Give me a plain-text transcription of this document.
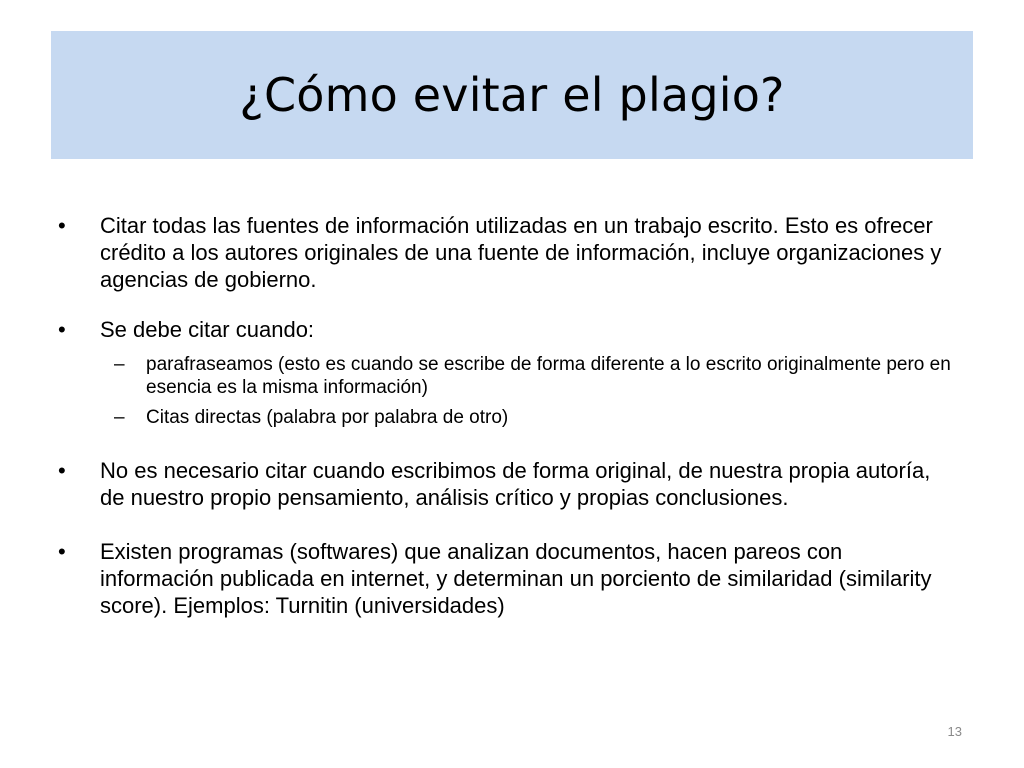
¿Cómo evitar el plagio?

•	Citar todas las fuentes de información utilizadas en un trabajo escrito. Esto es ofrecer crédito a los autores originales de una fuente de información, incluye organizaciones y agencias de gobierno.

•	Se debe citar cuando:

–	parafraseamos (esto es cuando se escribe de forma diferente a lo escrito originalmente pero en esencia es la misma información)

–	Citas directas (palabra por palabra de otro)

•	No es necesario citar cuando escribimos de forma original, de nuestra propia autoría, de nuestro propio pensamiento, análisis crítico y propias conclusiones.

•	Existen programas (softwares) que analizan documentos, hacen pareos con información publicada en internet, y determinan un porciento de similaridad (similarity score). Ejemplos: Turnitin (universidades)

13
